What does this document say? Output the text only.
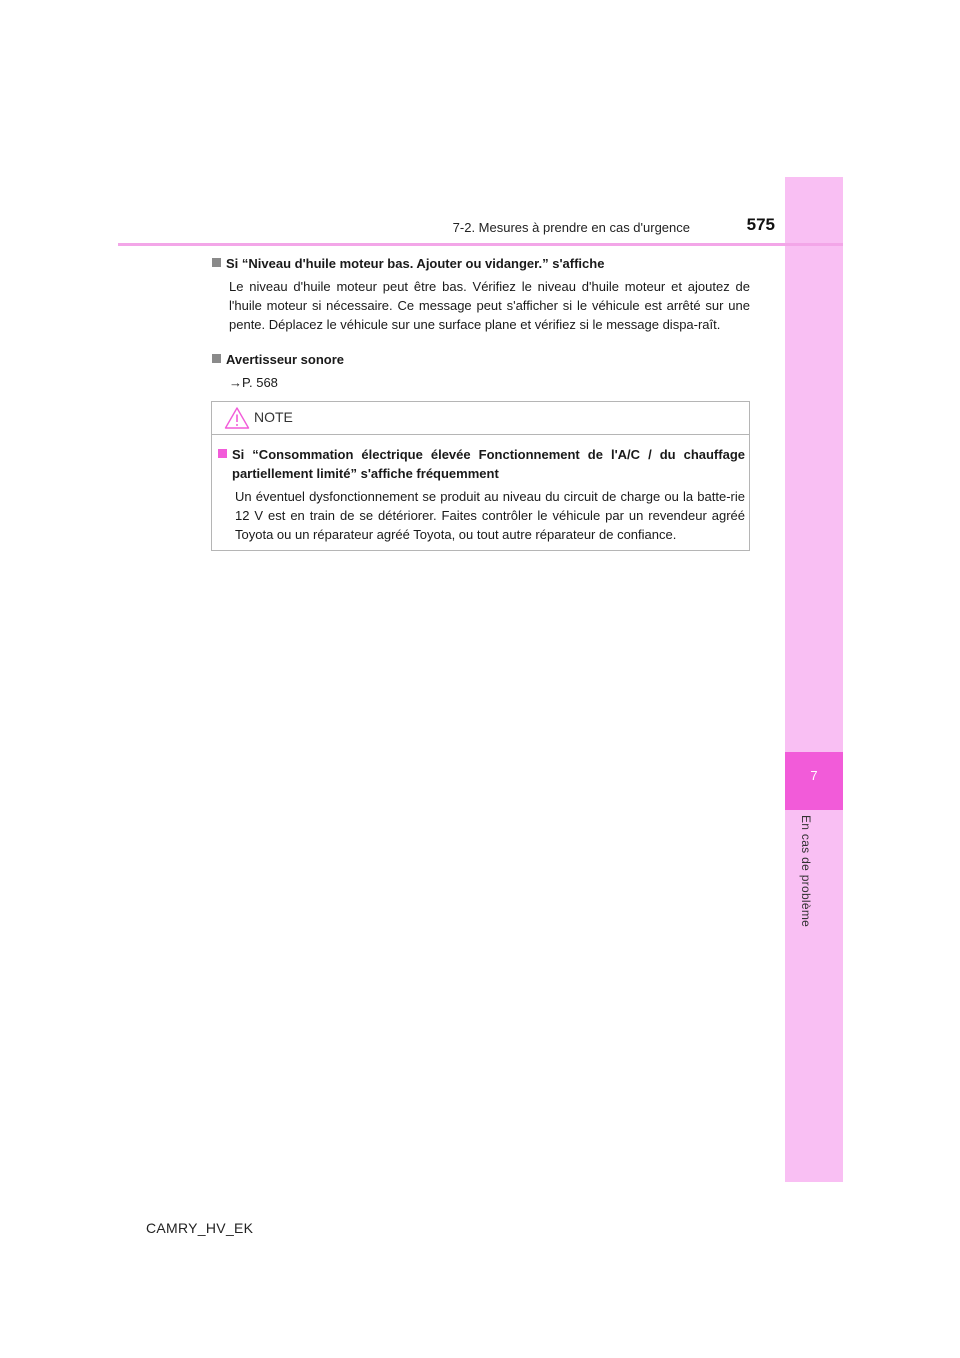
7
En cas de problème
7-2. Mesures à prendre en cas d'urgence	575
Si “Niveau d'huile moteur bas. Ajouter ou vidanger.” s'affiche
Le niveau d'huile moteur peut être bas. Vérifiez le niveau d'huile moteur et ajoutez de l'huile moteur si nécessaire. Ce message peut s'afficher si le véhicule est arrêté sur une pente. Déplacez le véhicule sur une surface plane et vérifiez si le message dispa-raît.
Avertisseur sonore
→P. 568
NOTE
Si “Consommation électrique élevée Fonctionnement de l'A/C / du chauffage partiellement limité” s'affiche fréquemment
Un éventuel dysfonctionnement se produit au niveau du circuit de charge ou la batte-rie 12 V est en train de se détériorer. Faites contrôler le véhicule par un revendeur agréé Toyota ou un réparateur agréé Toyota, ou tout autre réparateur de confiance.
CAMRY_HV_EK
